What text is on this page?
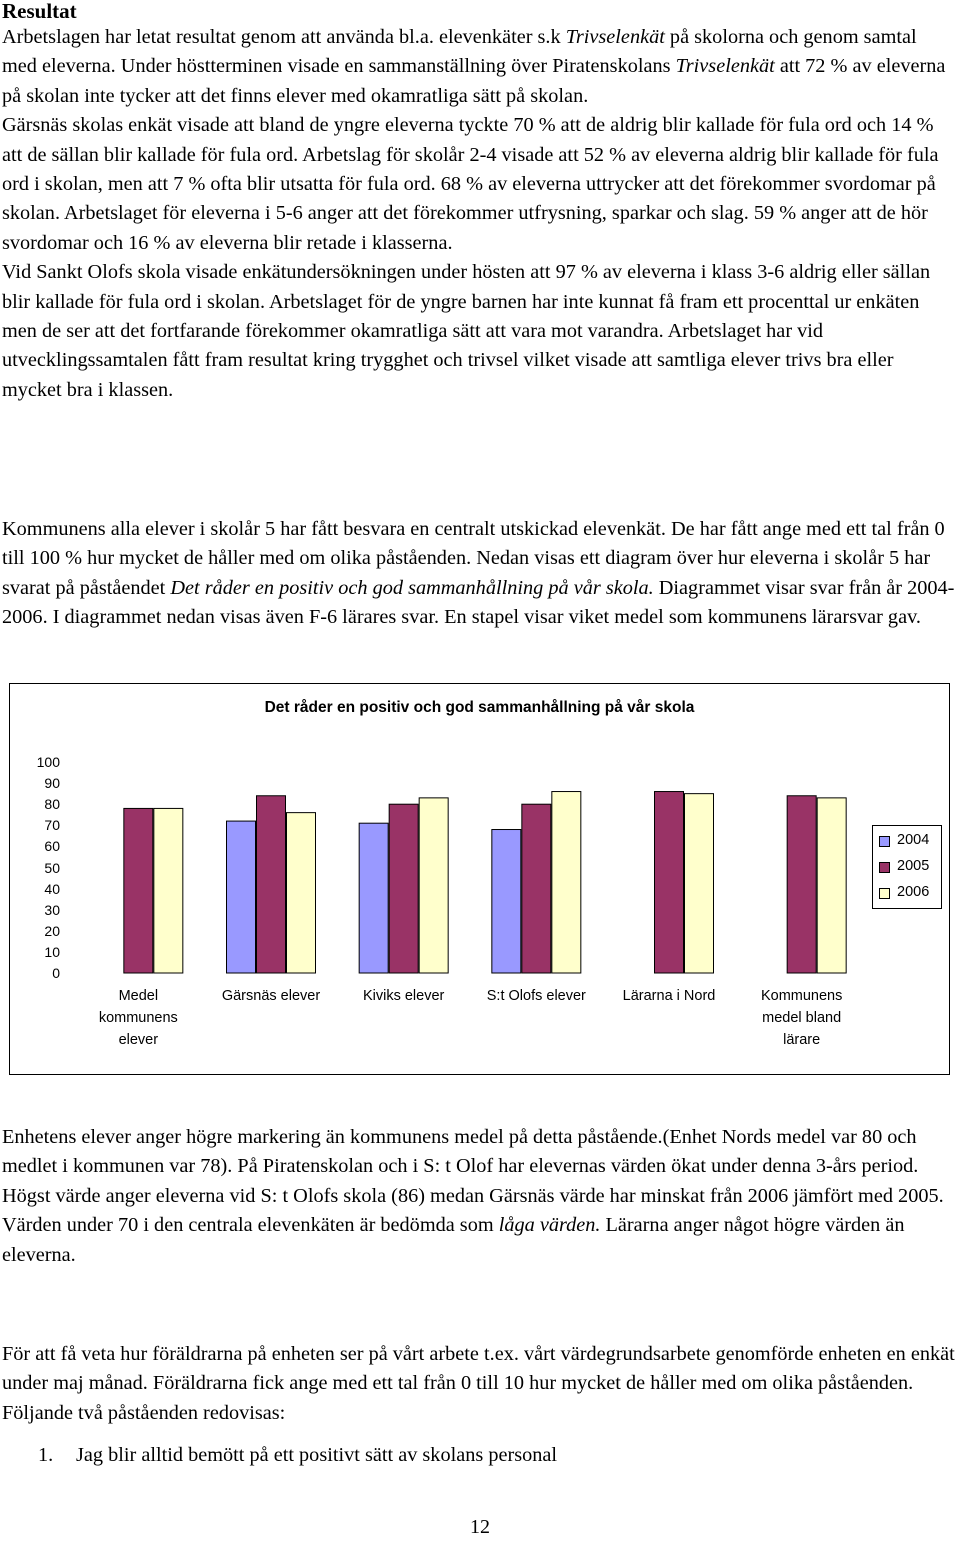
Resultat

Arbetslagen har letat resultat genom att använda bl.a. elevenkäter s.k Trivselenkät på skolorna och genom samtal med eleverna. Under höstterminen visade en sammanställning över Piratenskolans Trivselenkät att 72 % av eleverna på skolan inte tycker att det finns elever med okamratliga sätt på skolan.
Gärsnäs skolas enkät visade att bland de yngre eleverna tyckte 70 % att de aldrig blir kallade för fula ord och 14 % att de sällan blir kallade för fula ord. Arbetslag för skolår 2-4 visade att 52 % av eleverna aldrig blir kallade för fula ord i skolan, men att 7 % ofta blir utsatta för fula ord. 68 % av eleverna uttrycker att det förekommer svordomar på skolan. Arbetslaget för eleverna i 5-6 anger att det förekommer utfrysning, sparkar och slag. 59 % anger att de hör svordomar och 16 % av eleverna blir retade i klasserna.
Vid Sankt Olofs skola visade enkätundersökningen under hösten att 97 % av eleverna i klass 3-6 aldrig eller sällan blir kallade för fula ord i skolan. Arbetslaget för de yngre barnen har inte kunnat få fram ett procenttal ur enkäten men de ser att det fortfarande förekommer okamratliga sätt att vara mot varandra. Arbetslaget har vid utvecklingssamtalen fått fram resultat kring trygghet och trivsel vilket visade att samtliga elever trivs bra eller mycket bra i klassen.

Kommunens alla elever i skolår 5 har fått besvara en centralt utskickad elevenkät. De har fått ange med ett tal från 0 till 100 % hur mycket de håller med om olika påståenden. Nedan visas ett diagram över hur eleverna i skolår 5 har svarat på påståendet Det råder en positiv och god sammanhållning på vår skola. Diagrammet visar svar från år 2004-2006. I diagrammet nedan visas även F-6 lärares svar. En stapel visar viket medel som kommunens lärarsvar gav.

Det råder en positiv och god sammanhållning på vår skola
100
90
80
70
60
50
40
30
20
10
0
Medel
kommunens
elever
Gärsnäs elever	Kiviks elever	S:t Olofs elever	Lärarna i Nord	Kommunens
medel bland
lärare
2004
2005
2006

Enhetens elever anger högre markering än kommunens medel på detta påstående.(Enhet Nords medel var 80 och medlet i kommunen var 78). På Piratenskolan och i S: t Olof har elevernas värden ökat under denna 3-års period. Högst värde anger eleverna vid S: t Olofs skola (86) medan Gärsnäs värde har minskat från 2006 jämfört med 2005. Värden under 70 i den centrala elevenkäten är bedömda som låga värden. Lärarna anger något högre värden än eleverna.

För att få veta hur föräldrarna på enheten ser på vårt arbete t.ex. vårt värdegrundsarbete genomförde enheten en enkät under maj månad. Föräldrarna fick ange med ett tal från 0 till 10 hur mycket de håller med om olika påståenden. Följande två påståenden redovisas:

1. Jag blir alltid bemött på ett positivt sätt av skolans personal
12
